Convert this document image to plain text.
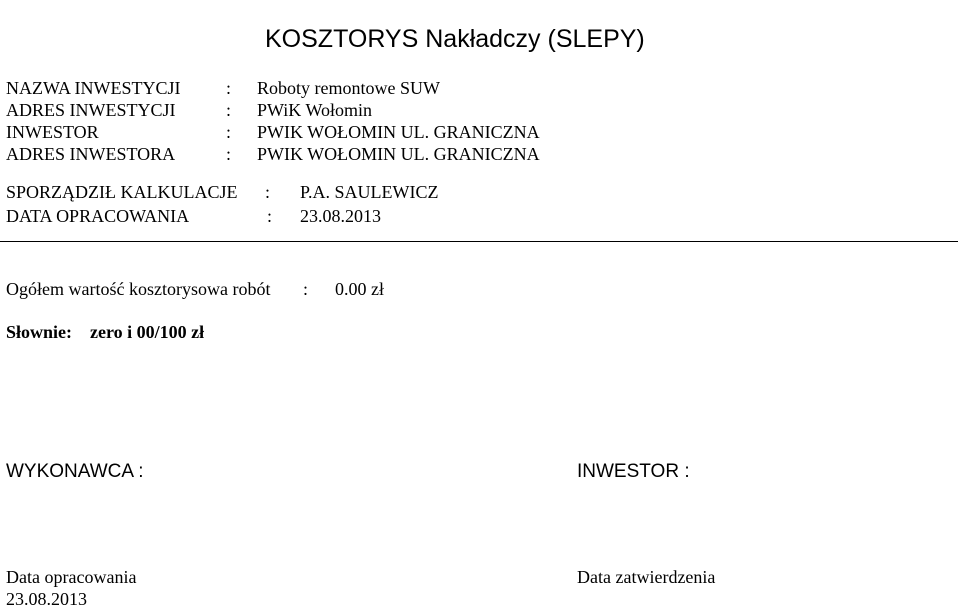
KOSZTORYS Nakładczy (SLEPY)
NAZWA INWESTYCJI	: Roboty remontowe SUW
ADRES INWESTYCJI	: PWiK Wołomin
INWESTOR	: PWIK WOŁOMIN UL. GRANICZNA
ADRES INWESTORA	: PWIK WOŁOMIN UL. GRANICZNA
SPORZĄDZIŁ KALKULACJE : P.A. SAULEWICZ
DATA OPRACOWANIA	: 23.08.2013
Ogółem wartość kosztorysowa robót : 0.00 zł
Słownie: zero i 00/100 zł
WYKONAWCA :	INWESTOR :
Data opracowania
23.08.2013
Data zatwierdzenia
